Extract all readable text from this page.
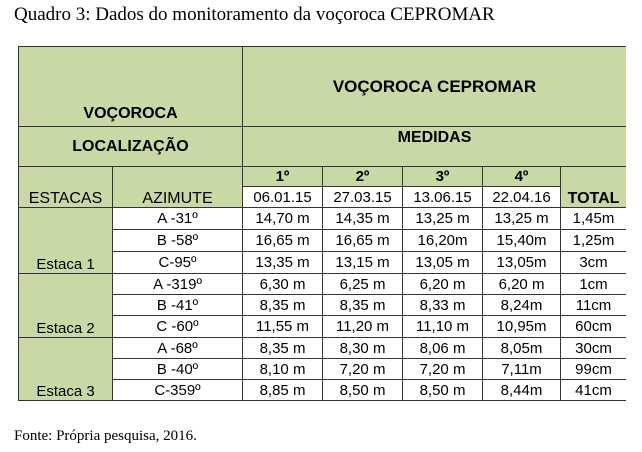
Quadro 3: Dados do monitoramento da voçoroca CEPROMAR
VOÇOROCA		VOÇOROCA CEPROMAR				
LOCALIZAÇÃO		MEDIDAS				
ESTACAS	AZIMUTE	1º	2º	3º	4º	TOTAL
		06.01.15	27.03.15	13.06.15	22.04.16	
Estaca 1	A -31º	14,70 m	14,35 m	13,25 m	13,25 m	1,45m
	B -58º	16,65 m	16,65 m	16,20m	15,40m	1,25m
	C-95º	13,35 m	13,15 m	13,05 m	13,05m	3cm
Estaca 2	A -319º	6,30 m	6,25 m	6,20 m	6,20 m	1cm
	B -41º	8,35 m	8,35 m	8,33 m	8,24m	11cm
	C -60º	11,55 m	11,20 m	11,10 m	10,95m	60cm
Estaca 3	A -68º	8,35 m	8,30 m	8,06 m	8,05m	30cm
	B -40º	8,10 m	7,20 m	7,20 m	7,11m	99cm
	C-359º	8,85 m	8,50 m	8,50 m	8,44m	41cm
Fonte: Própria pesquisa, 2016.
